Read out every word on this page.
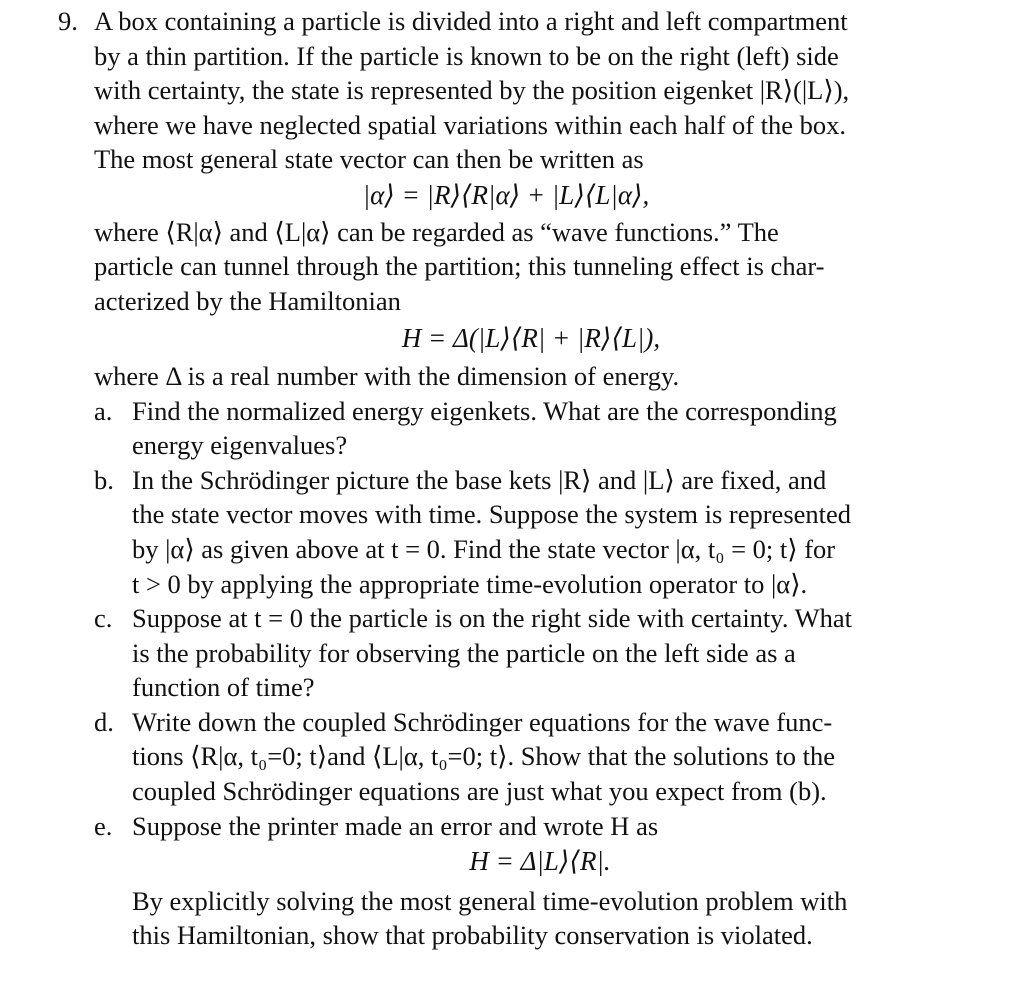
9. A box containing a particle is divided into a right and left compartment
by a thin partition. If the particle is known to be on the right (left) side
with certainty, the state is represented by the position eigenket |R⟩(|L⟩),
where we have neglected spatial variations within each half of the box.
The most general state vector can then be written as
|α⟩ = |R⟩⟨R|α⟩ + |L⟩⟨L|α⟩,
where ⟨R|α⟩ and ⟨L|α⟩ can be regarded as “wave functions.” The
particle can tunnel through the partition; this tunneling effect is char-
acterized by the Hamiltonian
H = Δ(|L⟩⟨R| + |R⟩⟨L|),
where Δ is a real number with the dimension of energy.
a. Find the normalized energy eigenkets. What are the corresponding
energy eigenvalues?
b. In the Schrödinger picture the base kets |R⟩ and |L⟩ are fixed, and
the state vector moves with time. Suppose the system is represented
by |α⟩ as given above at t = 0. Find the state vector |α, t₀ = 0; t⟩ for
t > 0 by applying the appropriate time-evolution operator to |α⟩.
c. Suppose at t = 0 the particle is on the right side with certainty. What
is the probability for observing the particle on the left side as a
function of time?
d. Write down the coupled Schrödinger equations for the wave func-
tions ⟨R|α, t₀=0; t⟩and ⟨L|α, t₀=0; t⟩. Show that the solutions to the
coupled Schrödinger equations are just what you expect from (b).
e. Suppose the printer made an error and wrote H as
H = Δ|L⟩⟨R|.
By explicitly solving the most general time-evolution problem with
this Hamiltonian, show that probability conservation is violated.
